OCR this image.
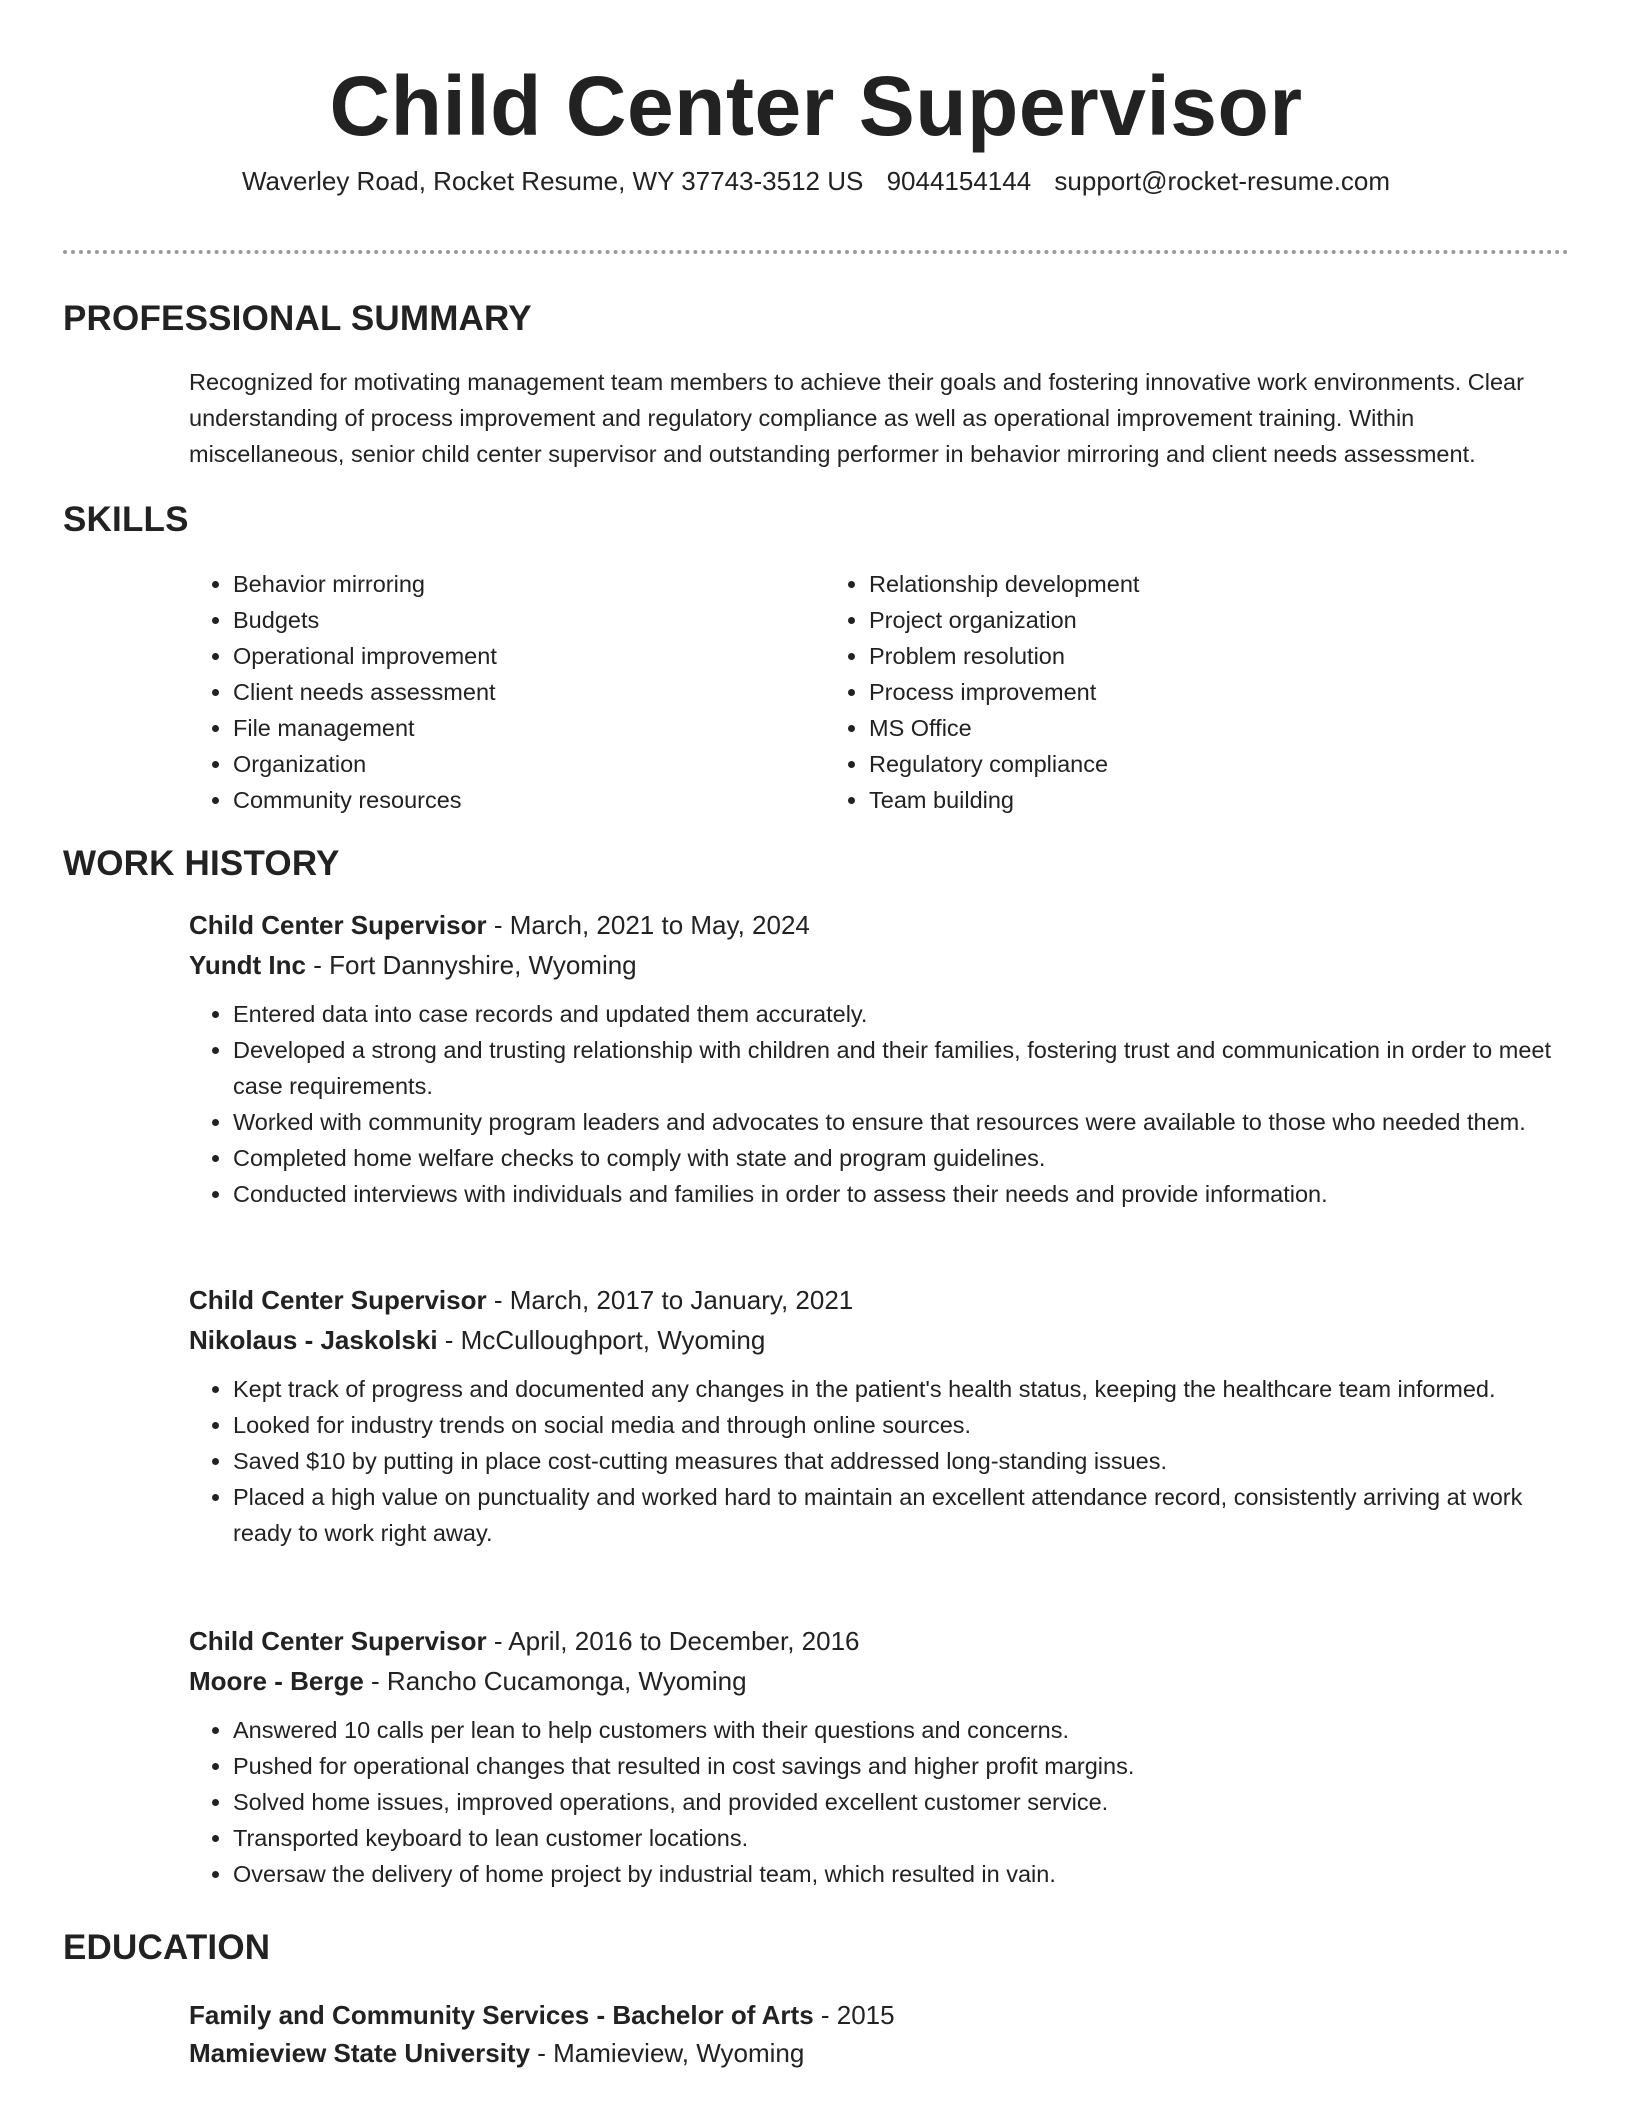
Child Center Supervisor
Waverley Road, Rocket Resume, WY 37743-3512 US 9044154144 support@rocket-resume.com
PROFESSIONAL SUMMARY

Recognized for motivating management team members to achieve their goals and fostering innovative work environments. Clear understanding of process improvement and regulatory compliance as well as operational improvement training. Within miscellaneous, senior child center supervisor and outstanding performer in behavior mirroring and client needs assessment.

SKILLS
• Behavior mirroring
• Budgets
• Operational improvement
• Client needs assessment
• File management
• Organization
• Community resources
• Relationship development
• Project organization
• Problem resolution
• Process improvement
• MS Office
• Regulatory compliance
• Team building
WORK HISTORY

Child Center Supervisor - March, 2021 to May, 2024

Yundt Inc - Fort Dannyshire, Wyoming

• Entered data into case records and updated them accurately.
• Developed a strong and trusting relationship with children and their families, fostering trust and communication in order to meet case requirements.
• Worked with community program leaders and advocates to ensure that resources were available to those who needed them.
• Completed home welfare checks to comply with state and program guidelines.
• Conducted interviews with individuals and families in order to assess their needs and provide information.

Child Center Supervisor - March, 2017 to January, 2021

Nikolaus - Jaskolski - McCulloughport, Wyoming

• Kept track of progress and documented any changes in the patient's health status, keeping the healthcare team informed.
• Looked for industry trends on social media and through online sources.
• Saved $10 by putting in place cost-cutting measures that addressed long-standing issues.
• Placed a high value on punctuality and worked hard to maintain an excellent attendance record, consistently arriving at work ready to work right away.

Child Center Supervisor - April, 2016 to December, 2016

Moore - Berge - Rancho Cucamonga, Wyoming

• Answered 10 calls per lean to help customers with their questions and concerns.
• Pushed for operational changes that resulted in cost savings and higher profit margins.
• Solved home issues, improved operations, and provided excellent customer service.
• Transported keyboard to lean customer locations.
• Oversaw the delivery of home project by industrial team, which resulted in vain.
EDUCATION

Family and Community Services - Bachelor of Arts - 2015

Mamieview State University - Mamieview, Wyoming
